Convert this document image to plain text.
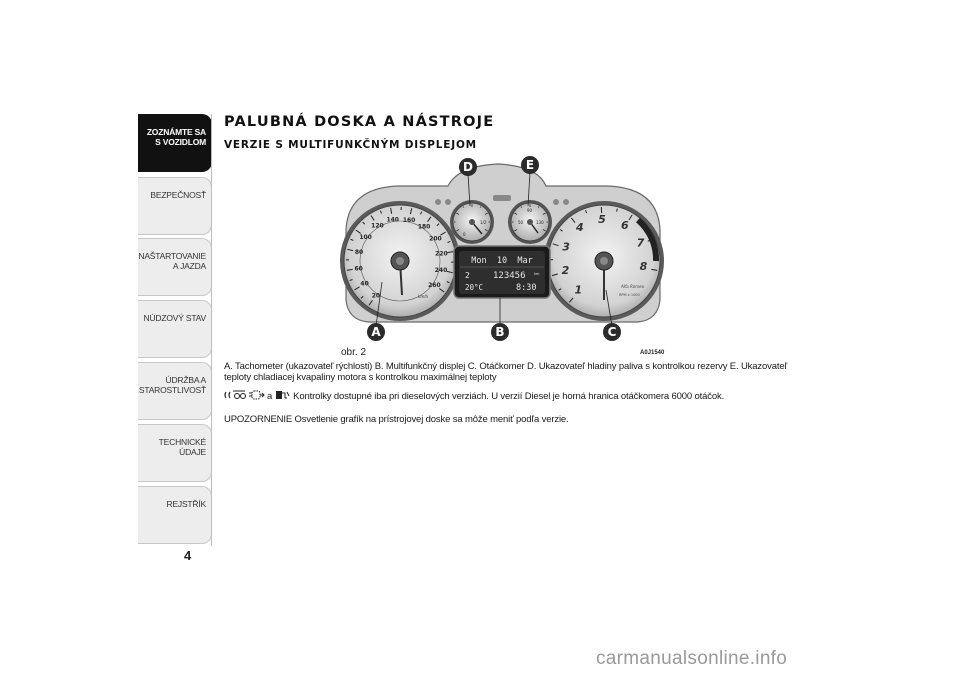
ZOZNÁMTE SA S VOZIDLOM
BEZPEČNOSŤ
NAŠTARTOVANIE A JAZDA
NÚDZOVÝ STAV
ÚDRŽBA A STAROSTLIVOSŤ
TECHNICKÉ ÚDAJE
REJSTŘÍK
4
PALUBNÁ DOSKA A NÁSTROJE
VERZIE S MULTIFUNKČNÝM DISPLEJOM
20
40
60
80
100
120
140 160
180
200
220
240
260
km/h	1
2
3
4
5 6
7
8
Alfa Romeo
RPM x 1000
0
1/2	50
90
130
Mon  10  Mar
2	123456 km
20°C	8:30
A	B	C
D	E
obr. 2	A0J1540
A. Tachometer (ukazovateľ rýchlosti) B. Multifunkčný displej C. Otáčkomer D. Ukazovateľ hladiny paliva s kontrolkou rezervy E. Ukazovateľ teploty chladiacej kvapaliny motora s kontrolkou maximálnej teploty
a Kontrolky dostupné iba pri dieselových verziách. U verzií Diesel je horná hranica otáčkomera 6000 otáčok.
UPOZORNENIE Osvetlenie grafík na prístrojovej doske sa môže meniť podľa verzie.
carmanualsonline.info
